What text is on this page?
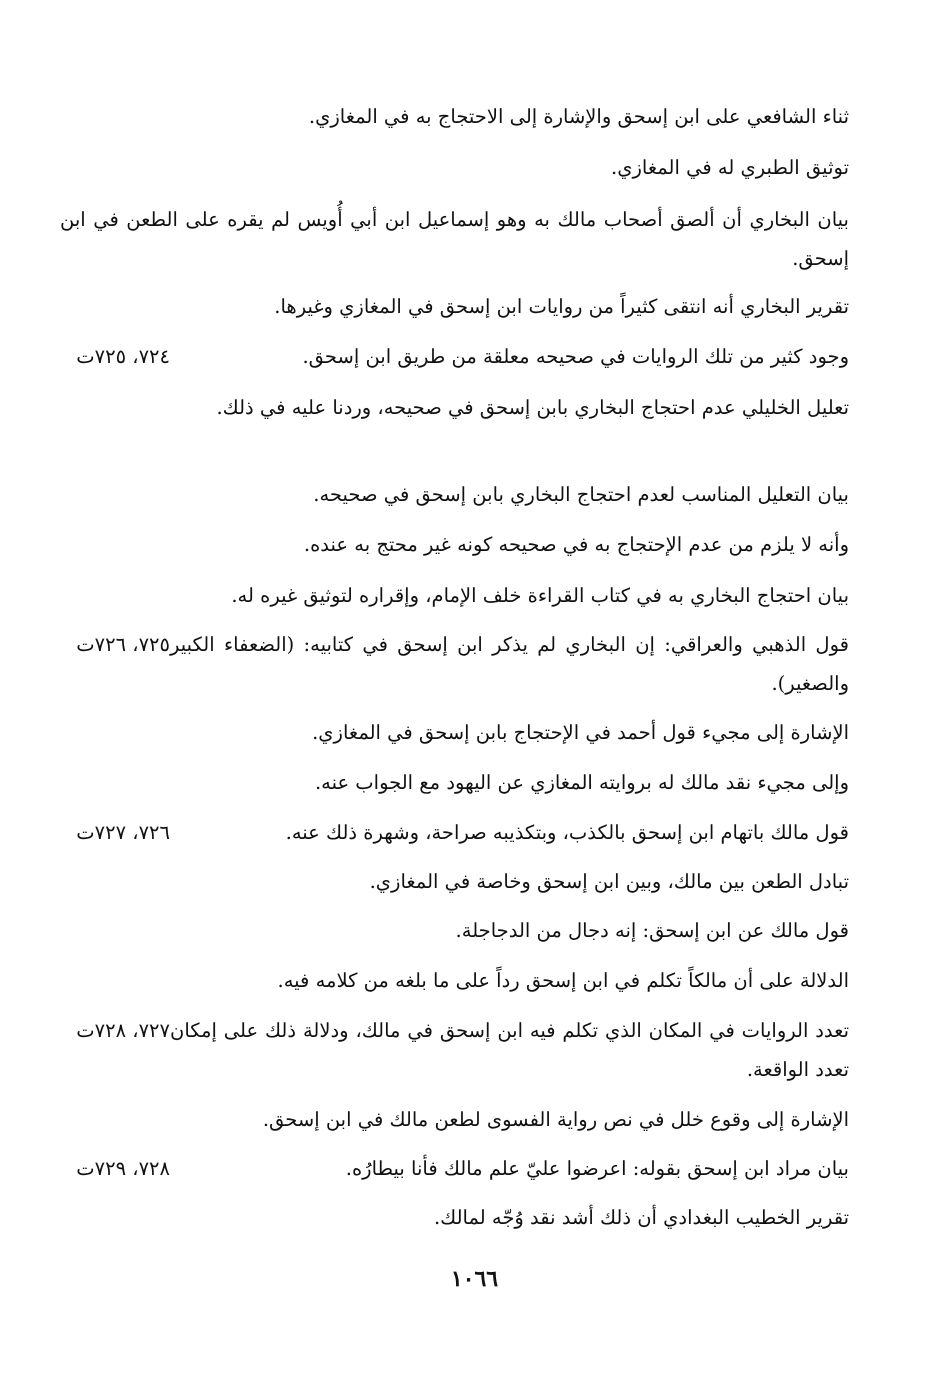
ثناء الشافعي على ابن إسحق والإشارة إلى الاحتجاج به في المغازي.
توثيق الطبري له في المغازي.
بيان البخاري أن ألصق أصحاب مالك به وهو إسماعيل ابن أبي أُويس لم يقره على الطعن في ابن إسحق.
تقرير البخاري أنه انتقى كثيراً من روايات ابن إسحق في المغازي وغيرها.
٧٢٤، ٧٢٥ت	وجود كثير من تلك الروايات في صحيحه معلقة من طريق ابن إسحق.
تعليل الخليلي عدم احتجاج البخاري بابن إسحق في صحيحه، وردنا عليه في ذلك.
بيان التعليل المناسب لعدم احتجاج البخاري بابن إسحق في صحيحه.
وأنه لا يلزم من عدم الإحتجاج به في صحيحه كونه غير محتج به عنده.
بيان احتجاج البخاري به في كتاب القراءة خلف الإمام، وإقراره لتوثيق غيره له.
٧٢٥، ٧٢٦ت قول الذهبي والعراقي: إن البخاري لم يذكر ابن إسحق في كتابيه: (الضعفاء الكبير والصغير).
الإشارة إلى مجيء قول أحمد في الإحتجاج بابن إسحق في المغازي.
وإلى مجيء نقد مالك له بروايته المغازي عن اليهود مع الجواب عنه.
٧٢٦، ٧٢٧ت	قول مالك باتهام ابن إسحق بالكذب، وبتكذيبه صراحة، وشهرة ذلك عنه.
تبادل الطعن بين مالك، وبين ابن إسحق وخاصة في المغازي.
قول مالك عن ابن إسحق: إنه دجال من الدجاجلة.
الدلالة على أن مالكاً تكلم في ابن إسحق رداً على ما بلغه من كلامه فيه.
٧٢٧، ٧٢٨ت تعدد الروايات في المكان الذي تكلم فيه ابن إسحق في مالك، ودلالة ذلك على إمكان تعدد الواقعة.
الإشارة إلى وقوع خلل في نص رواية الفسوى لطعن مالك في ابن إسحق.
٧٢٨، ٧٢٩ت	بيان مراد ابن إسحق بقوله: اعرضوا عليّ علم مالك فأنا بيطارُه.
تقرير الخطيب البغدادي أن ذلك أشد نقد وُجّه لمالك.
١٠٦٦
